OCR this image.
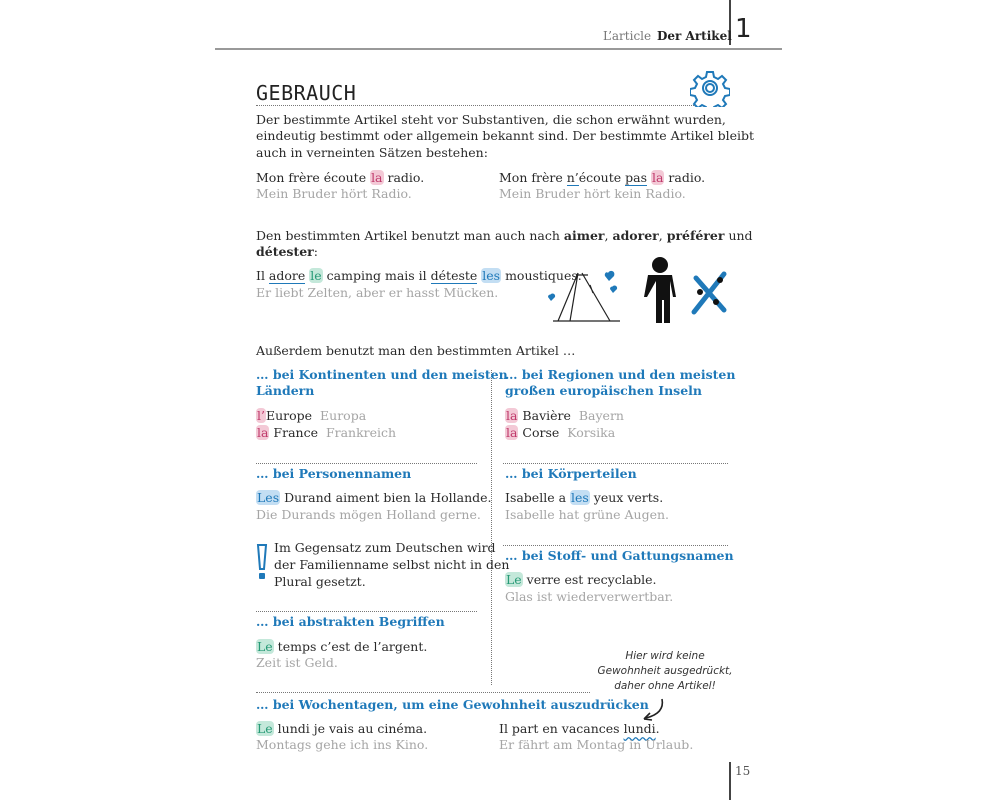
L’article Der Artikel 1
GEBRAUCH
Der bestimmte Artikel steht vor Substantiven, die schon erwähnt wurden,
eindeutig bestimmt oder allgemein bekannt sind. Der bestimmte Artikel bleibt
auch in verneinten Sätzen bestehen:
Mon frère écoute la radio.
Mein Bruder hört Radio.
Mon frère n’écoute pas la radio.
Mein Bruder hört kein Radio.
Den bestimmten Artikel benutzt man auch nach aimer, adorer, préférer und
détester:
Il adore le camping mais il déteste les moustiques.
Er liebt Zelten, aber er hasst Mücken.
Außerdem benutzt man den bestimmten Artikel …
… bei Kontinenten und den meisten
Ländern
l’Europe Europa
la France Frankreich
… bei Regionen und den meisten
großen europäischen Inseln
la Bavière Bayern
la Corse Korsika
… bei Personennamen
Les Durand aiment bien la Hollande.
Die Durands mögen Holland gerne.
Im Gegensatz zum Deutschen wird
der Familienname selbst nicht in den
Plural gesetzt.
… bei Körperteilen
Isabelle a les yeux verts.
Isabelle hat grüne Augen.
… bei Stoff- und Gattungsnamen
Le verre est recyclable.
Glas ist wiederverwertbar.
… bei abstrakten Begriffen
Le temps c’est de l’argent.
Zeit ist Geld.	Hier wird keine
Gewohnheit ausgedrückt,
daher ohne Artikel!
… bei Wochentagen, um eine Gewohnheit auszudrücken
Le lundi je vais au cinéma.
Montags gehe ich ins Kino.
Il part en vacances lundi.
Er fährt am Montag in Urlaub.
15
